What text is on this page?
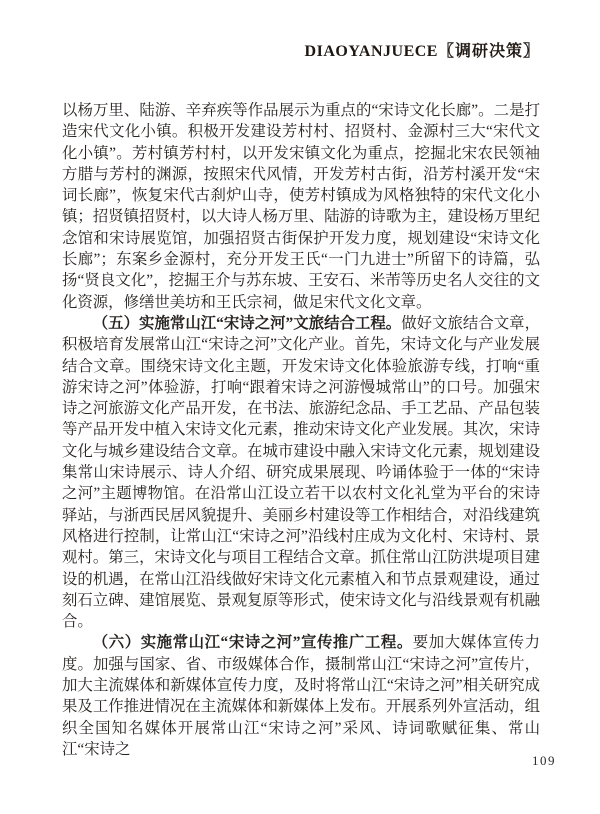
DIAOYANJUECE〖调研决策〗

以杨万里、陆游、辛弃疾等作品展示为重点的“宋诗文化长廊”。二是打造宋代文化小镇。积极开发建设芳村村、招贤村、金源村三大“宋代文化小镇”。芳村镇芳村村，以开发宋镇文化为重点，挖掘北宋农民领袖方腊与芳村的渊源，按照宋代风情，开发芳村古街，沿芳村溪开发“宋词长廊”，恢复宋代古刹炉山寺，使芳村镇成为风格独特的宋代文化小镇；招贤镇招贤村，以大诗人杨万里、陆游的诗歌为主，建设杨万里纪念馆和宋诗展览馆，加强招贤古街保护开发力度，规划建设“宋诗文化长廊”；东案乡金源村，充分开发王氏“一门九进士”所留下的诗篇，弘扬“贤良文化”，挖掘王介与苏东坡、王安石、米芾等历史名人交往的文化资源，修缮世美坊和王氏宗祠，做足宋代文化文章。

（五）实施常山江“宋诗之河”文旅结合工程。做好文旅结合文章，积极培育发展常山江“宋诗之河”文化产业。首先，宋诗文化与产业发展结合文章。围绕宋诗文化主题，开发宋诗文化体验旅游专线，打响“重游宋诗之河”体验游，打响“跟着宋诗之河游慢城常山”的口号。加强宋诗之河旅游文化产品开发，在书法、旅游纪念品、手工艺品、产品包装等产品开发中植入宋诗文化元素，推动宋诗文化产业发展。其次，宋诗文化与城乡建设结合文章。在城市建设中融入宋诗文化元素，规划建设集常山宋诗展示、诗人介绍、研究成果展现、吟诵体验于一体的“宋诗之河”主题博物馆。在沿常山江设立若干以农村文化礼堂为平台的宋诗驿站，与浙西民居风貌提升、美丽乡村建设等工作相结合，对沿线建筑风格进行控制，让常山江“宋诗之河”沿线村庄成为文化村、宋诗村、景观村。第三，宋诗文化与项目工程结合文章。抓住常山江防洪堤项目建设的机遇，在常山江沿线做好宋诗文化元素植入和节点景观建设，通过刻石立碑、建馆展览、景观复原等形式，使宋诗文化与沿线景观有机融合。

（六）实施常山江“宋诗之河”宣传推广工程。要加大媒体宣传力度。加强与国家、省、市级媒体合作，摄制常山江“宋诗之河”宣传片，加大主流媒体和新媒体宣传力度，及时将常山江“宋诗之河”相关研究成果及工作推进情况在主流媒体和新媒体上发布。开展系列外宣活动，组织全国知名媒体开展常山江“宋诗之河”采风、诗词歌赋征集、常山江“宋诗之

109
